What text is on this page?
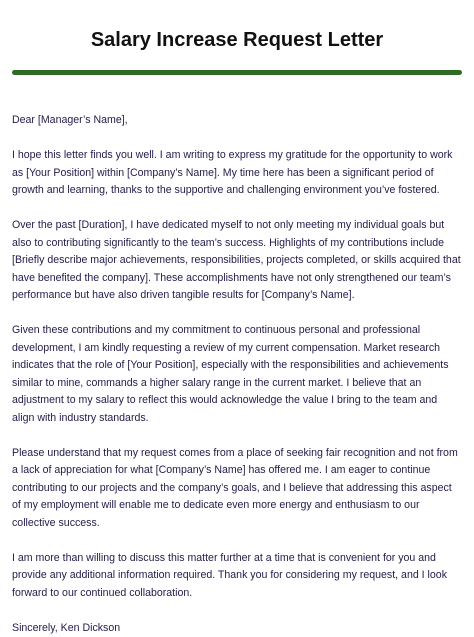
Salary Increase Request Letter

Dear [Manager’s Name],

I hope this letter finds you well. I am writing to express my gratitude for the opportunity to work as [Your Position] within [Company’s Name]. My time here has been a significant period of growth and learning, thanks to the supportive and challenging environment you’ve fostered.

Over the past [Duration], I have dedicated myself to not only meeting my individual goals but also to contributing significantly to the team’s success. Highlights of my contributions include [Briefly describe major achievements, responsibilities, projects completed, or skills acquired that have benefited the company]. These accomplishments have not only strengthened our team’s performance but have also driven tangible results for [Company’s Name].

Given these contributions and my commitment to continuous personal and professional development, I am kindly requesting a review of my current compensation. Market research indicates that the role of [Your Position], especially with the responsibilities and achievements similar to mine, commands a higher salary range in the current market. I believe that an adjustment to my salary to reflect this would acknowledge the value I bring to the team and align with industry standards.

Please understand that my request comes from a place of seeking fair recognition and not from a lack of appreciation for what [Company’s Name] has offered me. I am eager to continue contributing to our projects and the company’s goals, and I believe that addressing this aspect of my employment will enable me to dedicate even more energy and enthusiasm to our collective success.

I am more than willing to discuss this matter further at a time that is convenient for you and provide any additional information required. Thank you for considering my request, and I look forward to our continued collaboration.

Sincerely, Ken Dickson
